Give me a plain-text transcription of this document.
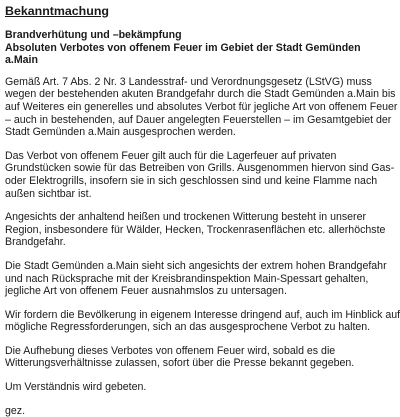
Bekanntmachung

Brandverhütung und –bekämpfung

Absoluten Verbotes von offenem Feuer im Gebiet der Stadt Gemünden a.Main

Gemäß Art. 7 Abs. 2 Nr. 3 Landesstraf- und Verordnungsgesetz (LStVG) muss
wegen der bestehenden akuten Brandgefahr durch die Stadt Gemünden a.Main bis
auf Weiteres ein generelles und absolutes Verbot für jegliche Art von offenem Feuer
– auch in bestehenden, auf Dauer angelegten Feuerstellen – im Gesamtgebiet der
Stadt Gemünden a.Main ausgesprochen werden.
Das Verbot von offenem Feuer gilt auch für die Lagerfeuer auf privaten
Grundstücken sowie für das Betreiben von Grills. Ausgenommen hiervon sind Gas-
oder Elektrogrills, insofern sie in sich geschlossen sind und keine Flamme nach
außen sichtbar ist.
Angesichts der anhaltend heißen und trockenen Witterung besteht in unserer
Region, insbesondere für Wälder, Hecken, Trockenrasenflächen etc. allerhöchste
Brandgefahr.
Die Stadt Gemünden a.Main sieht sich angesichts der extrem hohen Brandgefahr
und nach Rücksprache mit der Kreisbrandinspektion Main-Spessart gehalten,
jegliche Art von offenem Feuer ausnahmslos zu untersagen.
Wir fordern die Bevölkerung in eigenem Interesse dringend auf, auch im Hinblick auf
mögliche Regressforderungen, sich an das ausgesprochene Verbot zu halten.
Die Aufhebung dieses Verbotes von offenem Feuer wird, sobald es die
Witterungsverhältnisse zulassen, sofort über die Presse bekannt gegeben.
Um Verständnis wird gebeten.

gez.
